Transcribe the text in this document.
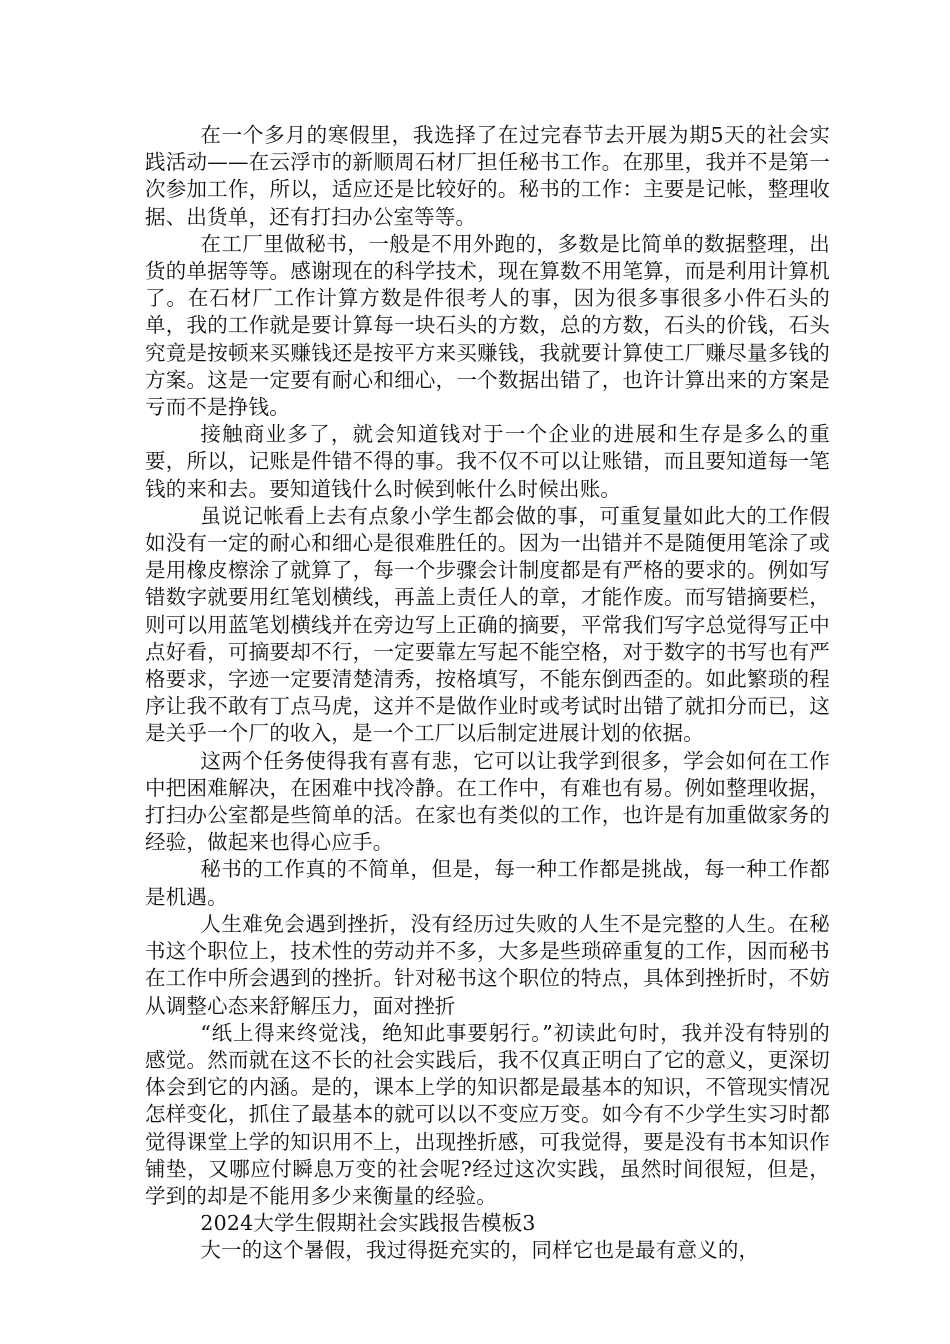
在一个多月的寒假里，我选择了在过完春节去开展为期5天的社会实践活动——在云浮市的新顺周石材厂担任秘书工作。在那里，我并不是第一次参加工作，所以，适应还是比较好的。秘书的工作：主要是记帐，整理收据、出货单，还有打扫办公室等等。

在工厂里做秘书，一般是不用外跑的，多数是比简单的数据整理，出货的单据等等。感谢现在的科学技术，现在算数不用笔算，而是利用计算机了。在石材厂工作计算方数是件很考人的事，因为很多事很多小件石头的单，我的工作就是要计算每一块石头的方数，总的方数，石头的价钱，石头究竟是按顿来买赚钱还是按平方来买赚钱，我就要计算使工厂赚尽量多钱的方案。这是一定要有耐心和细心，一个数据出错了，也许计算出来的方案是亏而不是挣钱。

接触商业多了，就会知道钱对于一个企业的进展和生存是多么的重要，所以，记账是件错不得的事。我不仅不可以让账错，而且要知道每一笔钱的来和去。要知道钱什么时候到帐什么时候出账。

虽说记帐看上去有点象小学生都会做的事，可重复量如此大的工作假如没有一定的耐心和细心是很难胜任的。因为一出错并不是随便用笔涂了或是用橡皮檫涂了就算了，每一个步骤会计制度都是有严格的要求的。例如写错数字就要用红笔划横线，再盖上责任人的章，才能作废。而写错摘要栏，则可以用蓝笔划横线并在旁边写上正确的摘要，平常我们写字总觉得写正中点好看，可摘要却不行，一定要靠左写起不能空格，对于数字的书写也有严格要求，字迹一定要清楚清秀，按格填写，不能东倒西歪的。如此繁琐的程序让我不敢有丁点马虎，这并不是做作业时或考试时出错了就扣分而已，这是关乎一个厂的收入，是一个工厂以后制定进展计划的依据。

这两个任务使得我有喜有悲，它可以让我学到很多，学会如何在工作中把困难解决，在困难中找冷静。在工作中，有难也有易。例如整理收据，打扫办公室都是些简单的活。在家也有类似的工作，也许是有加重做家务的经验，做起来也得心应手。

秘书的工作真的不简单，但是，每一种工作都是挑战，每一种工作都是机遇。

人生难免会遇到挫折，没有经历过失败的人生不是完整的人生。在秘书这个职位上，技术性的劳动并不多，大多是些琐碎重复的工作，因而秘书在工作中所会遇到的挫折。针对秘书这个职位的特点，具体到挫折时，不妨从调整心态来舒解压力，面对挫折

“纸上得来终觉浅，绝知此事要躬行。”初读此句时，我并没有特别的感觉。然而就在这不长的社会实践后，我不仅真正明白了它的意义，更深切体会到它的内涵。是的，课本上学的知识都是最基本的知识，不管现实情况怎样变化，抓住了最基本的就可以以不变应万变。如今有不少学生实习时都觉得课堂上学的知识用不上，出现挫折感，可我觉得，要是没有书本知识作铺垫，又哪应付瞬息万变的社会呢?经过这次实践，虽然时间很短，但是，学到的却是不能用多少来衡量的经验。

2024大学生假期社会实践报告模板3

大一的这个暑假，我过得挺充实的，同样它也是最有意义的，
